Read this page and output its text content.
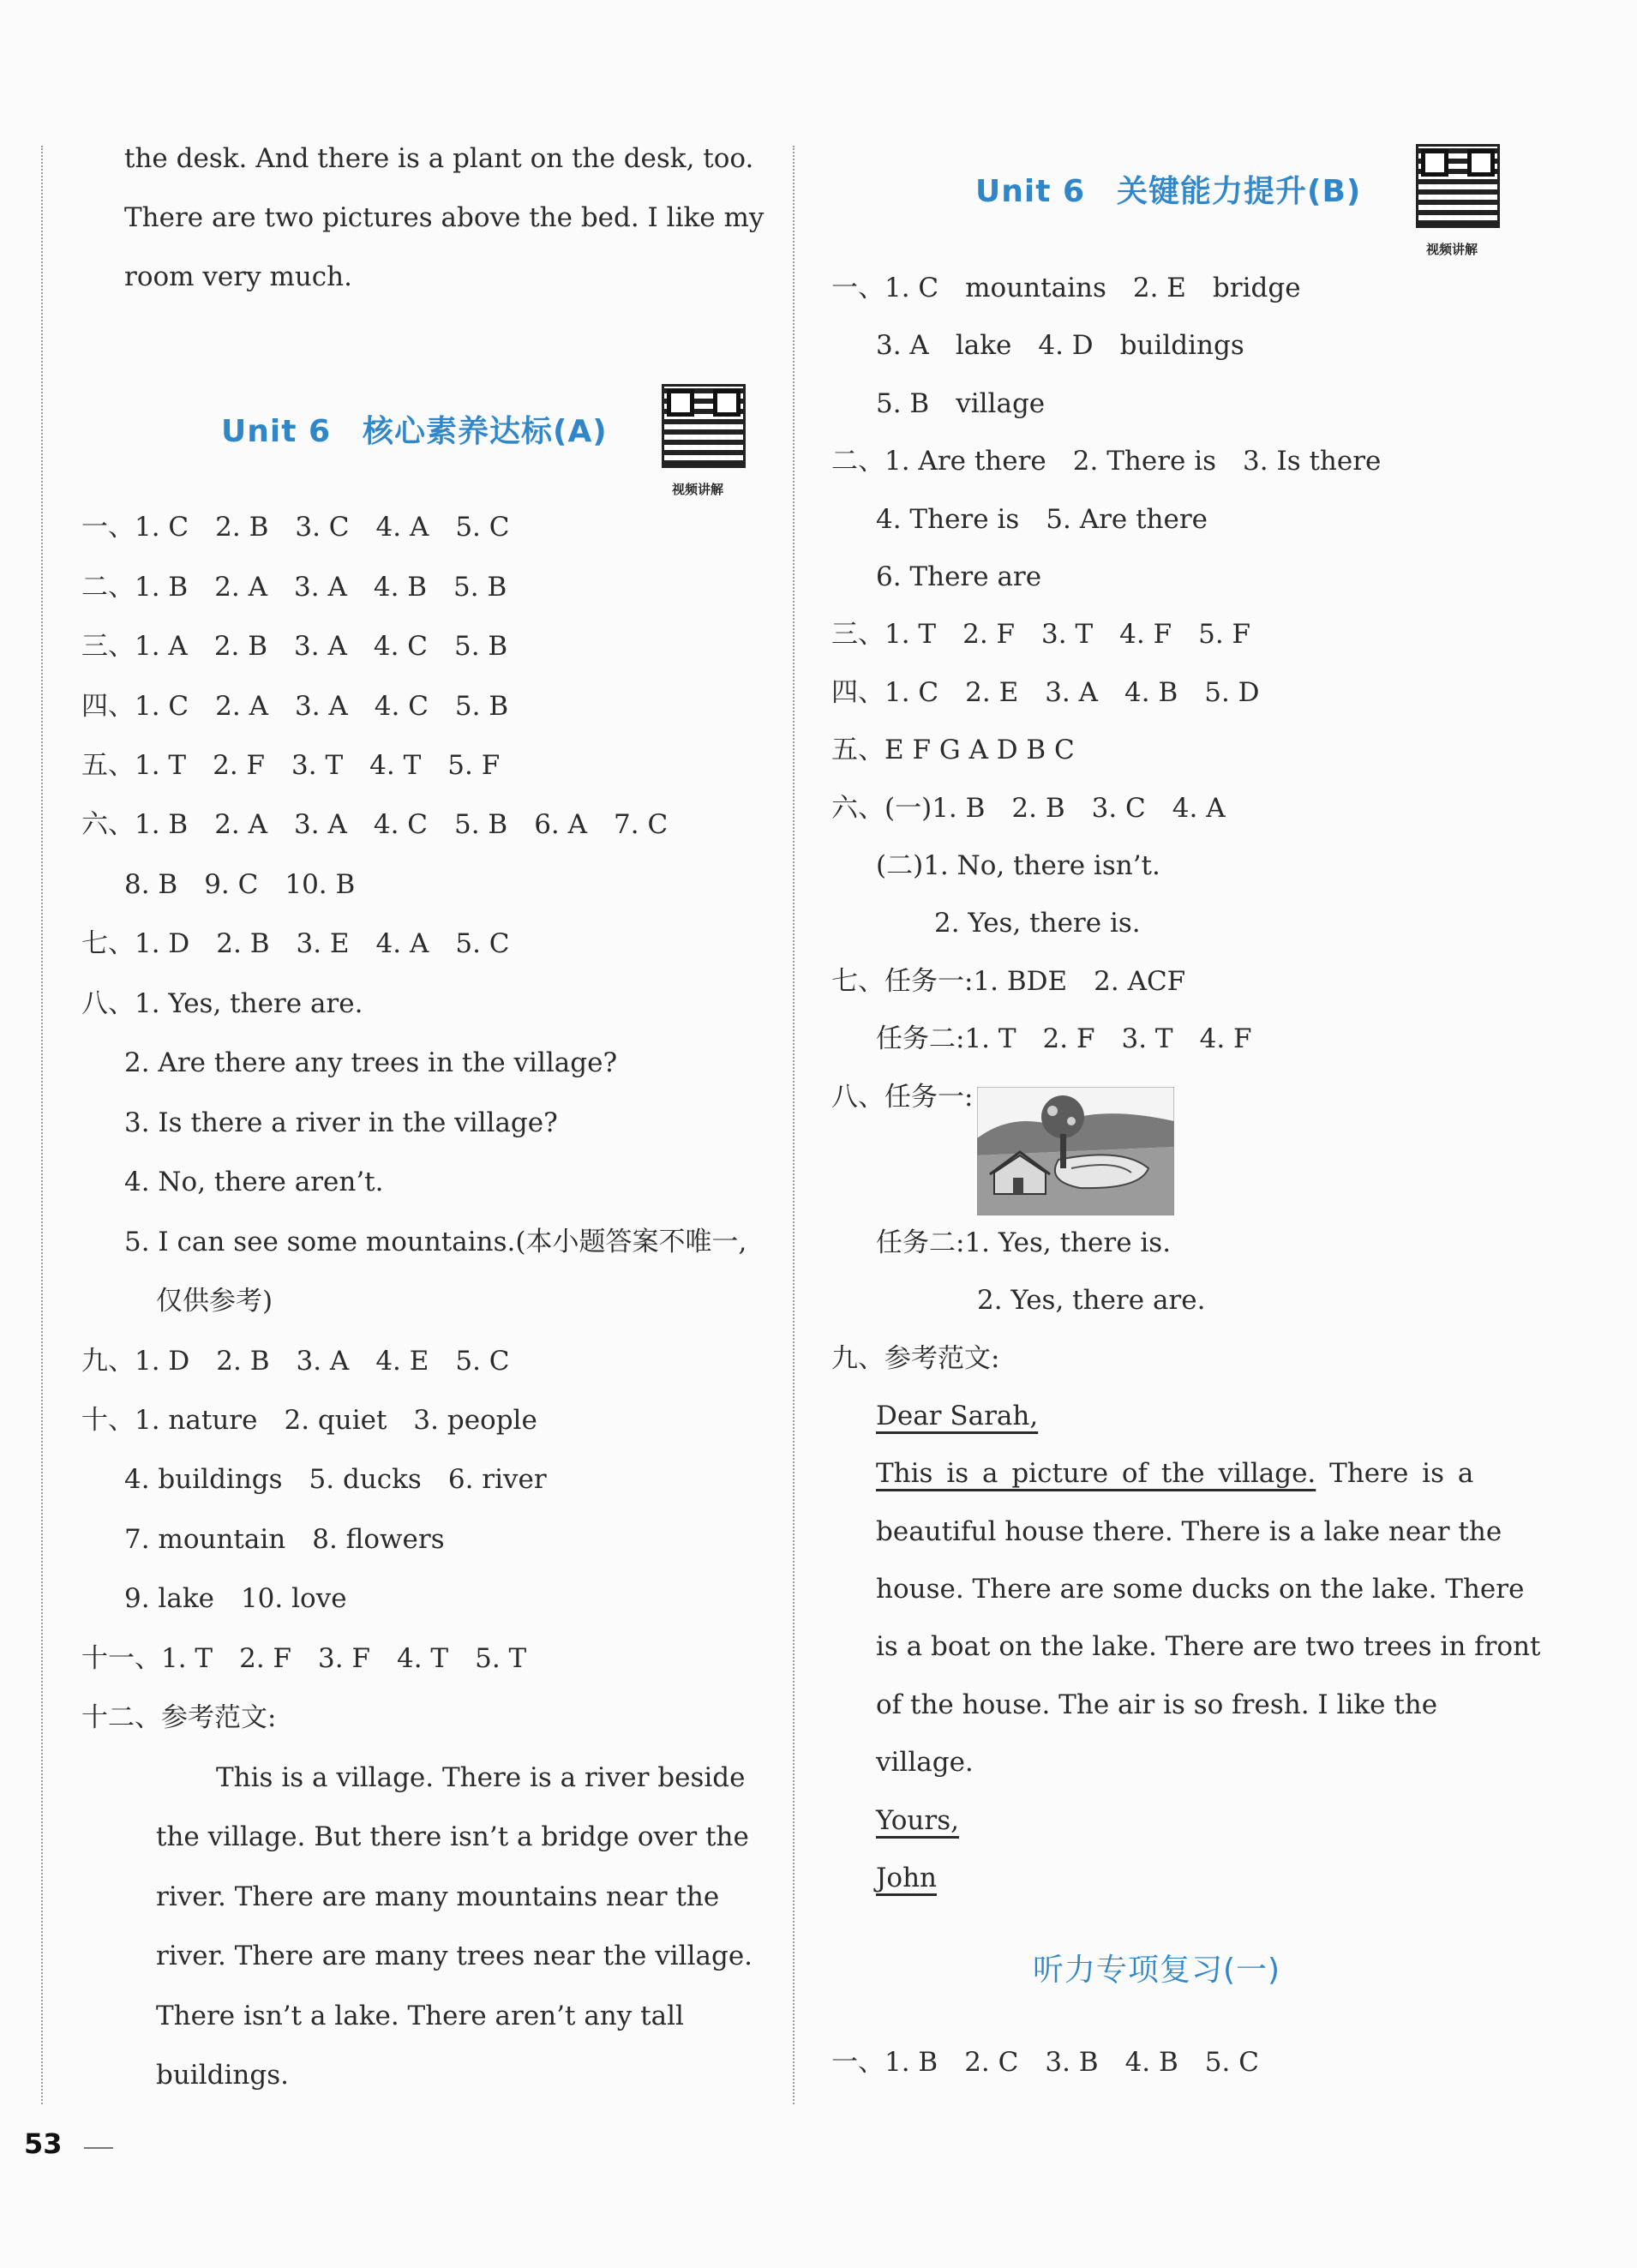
the desk. And there is a plant on the desk, too.
There are two pictures above the bed. I like my
room very much.
Unit 6　核心素养达标(A)
视频讲解
一、1. C　2. B　3. C　4. A　5. C
二、1. B　2. A　3. A　4. B　5. B
三、1. A　2. B　3. A　4. C　5. B
四、1. C　2. A　3. A　4. C　5. B
五、1. T　2. F　3. T　4. T　5. F
六、1. B　2. A　3. A　4. C　5. B　6. A　7. C
8. B　9. C　10. B
七、1. D　2. B　3. E　4. A　5. C
八、1. Yes, there are.
2. Are there any trees in the village?
3. Is there a river in the village?
4. No, there aren’t.
5. I can see some mountains.(本小题答案不唯一,
仅供参考)
九、1. D　2. B　3. A　4. E　5. C
十、1. nature　2. quiet　3. people
4. buildings　5. ducks　6. river
7. mountain　8. flowers
9. lake　10. love
十一、1. T　2. F　3. F　4. T　5. T
十二、参考范文:
This is a village. There is a river beside
the village. But there isn’t a bridge over the
river. There are many mountains near the
river. There are many trees near the village.
There isn’t a lake. There aren’t any tall
buildings.
Unit 6　关键能力提升(B)
视频讲解
一、1. C　mountains　2. E　bridge
3. A　lake　4. D　buildings
5. B　village
二、1. Are there　2. There is　3. Is there
4. There is　5. Are there
6. There are
三、1. T　2. F　3. T　4. F　5. F
四、1. C　2. E　3. A　4. B　5. D
五、E F G A D B C
六、(一)1. B　2. B　3. C　4. A
(二)1. No, there isn’t.
2. Yes, there is.
七、任务一:1. BDE　2. ACF
任务二:1. T　2. F　3. T　4. F
八、任务一:
任务二:1. Yes, there is.
2. Yes, there are.
九、参考范文:
Dear Sarah,
This is a picture of the village. There is a
beautiful house there. There is a lake near the
house. There are some ducks on the lake. There
is a boat on the lake. There are two trees in front
of the house. The air is so fresh. I like the
village.
Yours,
John
听力专项复习(一)
一、1. B　2. C　3. B　4. B　5. C
53
